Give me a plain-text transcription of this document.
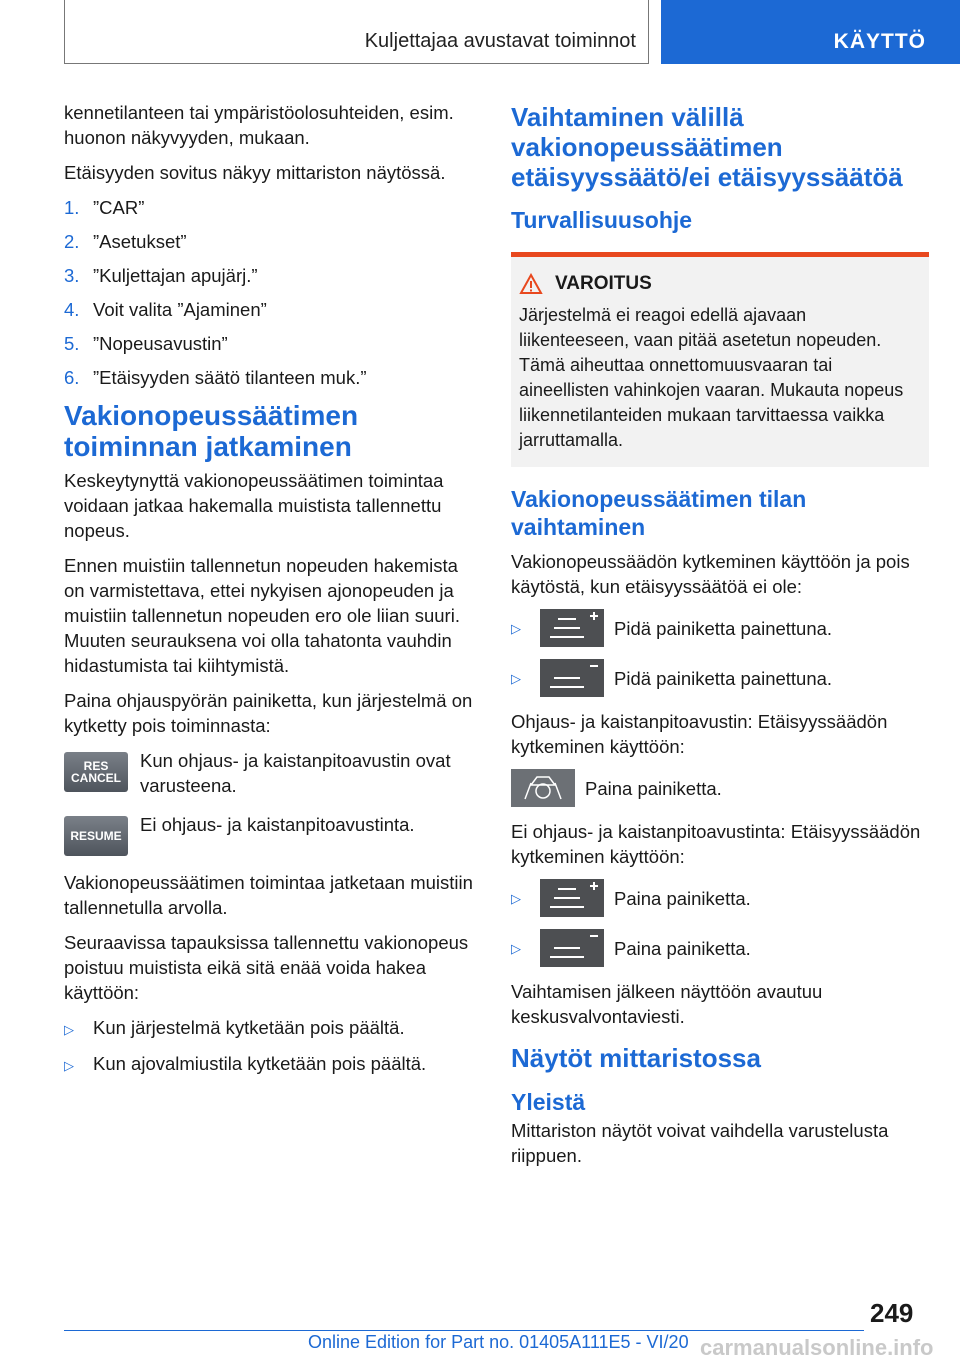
Kuljettajaa avustavat toiminnot	KÄYTTÖ

kennetilanteen tai ympäristöolosuhteiden, esim. huonon näkyvyyden, mukaan.

Etäisyyden sovitus näkyy mittariston näytössä.

1. ”CAR”
2. ”Asetukset”
3. ”Kuljettajan apujärj.”
4. Voit valita ”Ajaminen”
5. ”Nopeusavustin”
6. ”Etäisyyden säätö tilanteen muk.”
Vakionopeussäätimen toiminnan jatkaminen

Keskeytynyttä vakionopeussäätimen toimintaa voidaan jatkaa hakemalla muistista tallennettu nopeus.

Ennen muistiin tallennetun nopeuden hakemista on varmistettava, ettei nykyisen ajonopeuden ja muistiin tallennetun nopeuden ero ole liian suuri. Muuten seurauksena voi olla tahatonta vauhdin hidastumista tai kiihtymistä.

Paina ohjauspyörän painiketta, kun järjestelmä on kytketty pois toiminnasta:

RES CANCEL
Kun ohjaus- ja kaistanpitoavustin ovat varusteena.
RESUME
Ei ohjaus- ja kaistanpitoavustinta.

Vakionopeussäätimen toimintaa jatketaan muistiin tallennetulla arvolla.

Seuraavissa tapauksissa tallennettu vakionopeus poistuu muistista eikä sitä enää voida hakea käyttöön:

▷	Kun järjestelmä kytketään pois päältä.
▷	Kun ajovalmiustila kytketään pois päältä.
Vaihtaminen välillä vakionopeussäätimen etäisyyssäätö/ei etäisyyssäätöä
Turvallisuusohje
VAROITUS

Järjestelmä ei reagoi edellä ajavaan liikenteeseen, vaan pitää asetetun nopeuden. Tämä aiheuttaa onnettomuusvaaran tai aineellisten vahinkojen vaaran. Mukauta nopeus liikennetilanteiden mukaan tarvittaessa vaikka jarruttamalla.

Vakionopeussäätimen tilan vaihtaminen

Vakionopeussäädön kytkeminen käyttöön ja pois käytöstä, kun etäisyyssäätöä ei ole:

▷	Pidä painiketta painettuna.
▷	Pidä painiketta painettuna.

Ohjaus- ja kaistanpitoavustin: Etäisyyssäädön kytkeminen käyttöön:

Paina painiketta.

Ei ohjaus- ja kaistanpitoavustinta: Etäisyyssäädön kytkeminen käyttöön:

▷	Paina painiketta.
▷	Paina painiketta.

Vaihtamisen jälkeen näyttöön avautuu keskusvalvontaviesti.

Näytöt mittaristossa
Yleistä

Mittariston näytöt voivat vaihdella varustelusta riippuen.

249
Online Edition for Part no. 01405A111E5 - VI/20 carmanualsonline.info
